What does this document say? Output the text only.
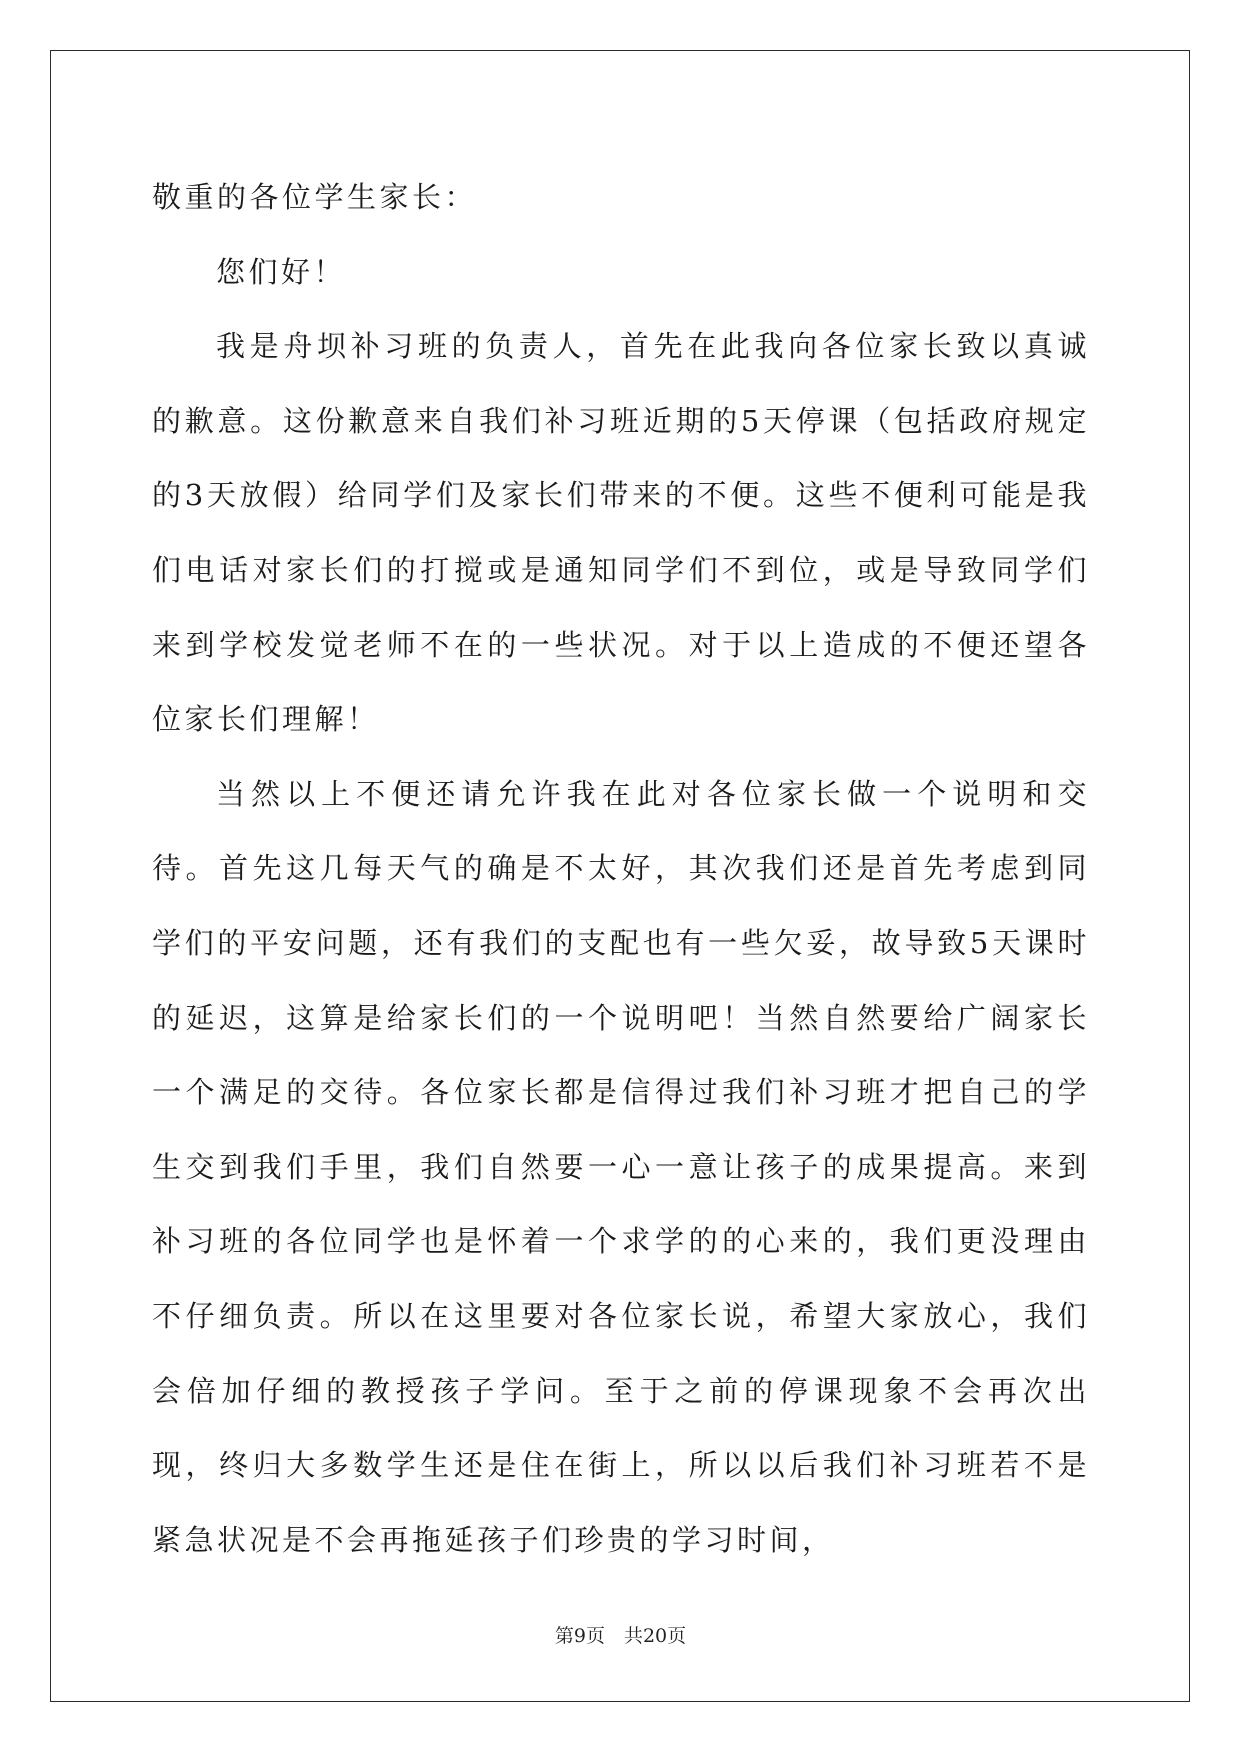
敬重的各位学生家长：

您们好！

我是舟坝补习班的负责人，首先在此我向各位家长致以真诚的歉意。这份歉意来自我们补习班近期的5天停课（包括政府规定的3天放假）给同学们及家长们带来的不便。这些不便利可能是我们电话对家长们的打搅或是通知同学们不到位，或是导致同学们来到学校发觉老师不在的一些状况。对于以上造成的不便还望各位家长们理解！

当然以上不便还请允许我在此对各位家长做一个说明和交待。首先这几每天气的确是不太好，其次我们还是首先考虑到同学们的平安问题，还有我们的支配也有一些欠妥，故导致5天课时的延迟，这算是给家长们的一个说明吧！当然自然要给广阔家长一个满足的交待。各位家长都是信得过我们补习班才把自己的学生交到我们手里，我们自然要一心一意让孩子的成果提高。来到补习班的各位同学也是怀着一个求学的的心来的，我们更没理由不仔细负责。所以在这里要对各位家长说，希望大家放心，我们会倍加仔细的教授孩子学问。至于之前的停课现象不会再次出现，终归大多数学生还是住在街上，所以以后我们补习班若不是紧急状况是不会再拖延孩子们珍贵的学习时间，

第9页　共20页
